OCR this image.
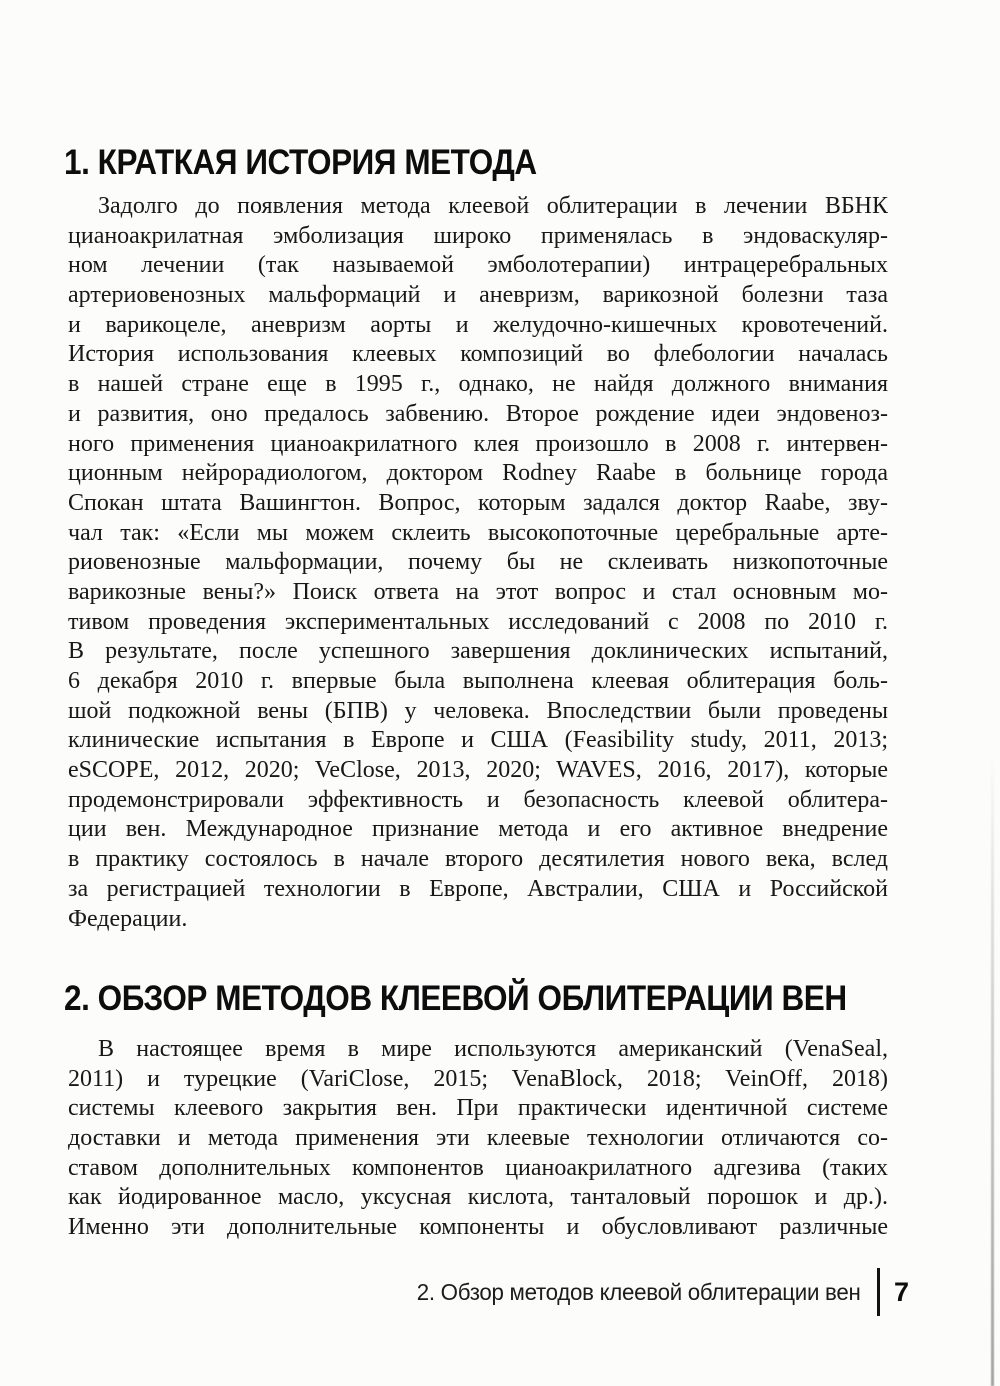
1. КРАТКАЯ ИСТОРИЯ МЕТОДА
Задолго до появления метода клеевой облитерации в лечении ВБНК
цианоакрилатная эмболизация широко применялась в эндоваскуляр-
ном лечении (так называемой эмболотерапии) интрацеребральных
артериовенозных мальформаций и аневризм, варикозной болезни таза
и варикоцеле, аневризм аорты и желудочно-кишечных кровотечений.
История использования клеевых композиций во флебологии началась
в нашей стране еще в 1995 г., однако, не найдя должного внимания
и развития, оно предалось забвению. Второе рождение идеи эндовеноз-
ного применения цианоакрилатного клея произошло в 2008 г. интервен-
ционным нейрорадиологом, доктором Rodney Raabe в больнице города
Спокан штата Вашингтон. Вопрос, которым задался доктор Raabe, зву-
чал так: «Если мы можем склеить высокопоточные церебральные арте-
риовенозные мальформации, почему бы не склеивать низкопоточные
варикозные вены?» Поиск ответа на этот вопрос и стал основным мо-
тивом проведения экспериментальных исследований с 2008 по 2010 г.
В результате, после успешного завершения доклинических испытаний,
6 декабря 2010 г. впервые была выполнена клеевая облитерация боль-
шой подкожной вены (БПВ) у человека. Впоследствии были проведены
клинические испытания в Европе и США (Feasibility study, 2011, 2013;
eSCOPE, 2012, 2020; VeClose, 2013, 2020; WAVES, 2016, 2017), которые
продемонстрировали эффективность и безопасность клеевой облитера-
ции вен. Международное признание метода и его активное внедрение
в практику состоялось в начале второго десятилетия нового века, вслед
за регистрацией технологии в Европе, Австралии, США и Российской
Федерации.
2. ОБЗОР МЕТОДОВ КЛЕЕВОЙ ОБЛИТЕРАЦИИ ВЕН
В настоящее время в мире используются американский (VenaSeal,
2011) и турецкие (VariClose, 2015; VenaBlock, 2018; VeinOff, 2018)
системы клеевого закрытия вен. При практически идентичной системе
доставки и метода применения эти клеевые технологии отличаются со-
ставом дополнительных компонентов цианоакрилатного адгезива (таких
как йодированное масло, уксусная кислота, танталовый порошок и др.).
Именно эти дополнительные компоненты и обусловливают различные
2. Обзор методов клеевой облитерации вен 7
